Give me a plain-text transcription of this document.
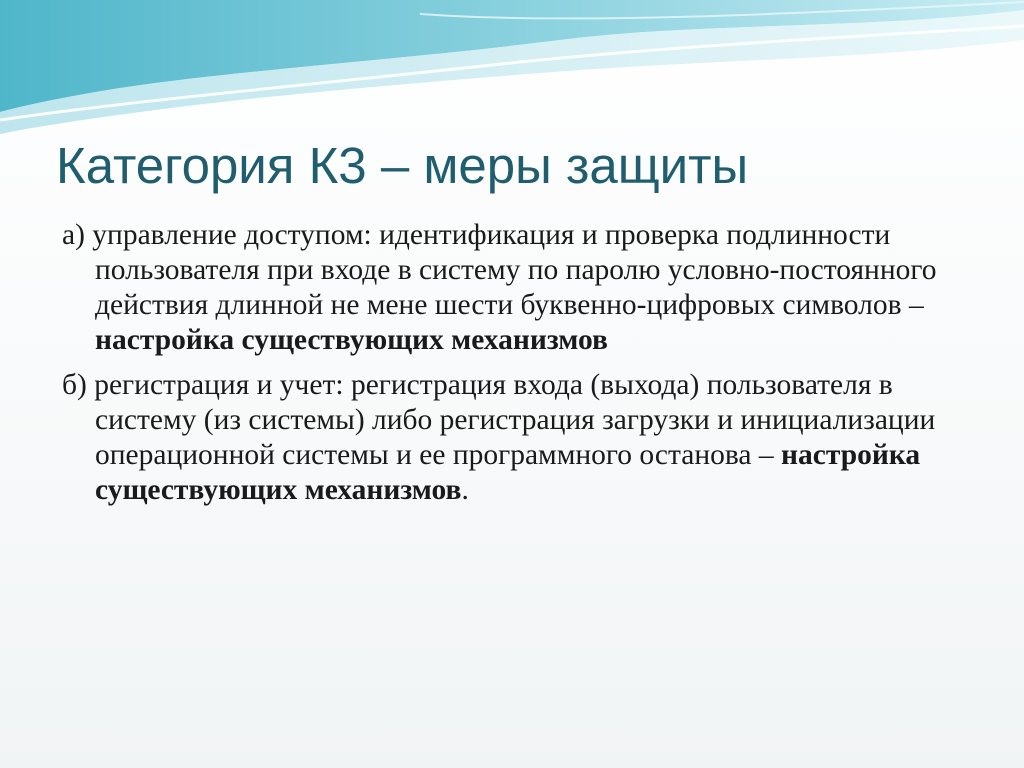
Категория К3 – меры защиты

а) управление доступом: идентификация и проверка подлинности пользователя при входе в систему по паролю условно-постоянного действия длинной не мене шести буквенно-цифровых символов – настройка существующих механизмов

б) регистрация и учет: регистрация входа (выхода) пользователя в систему (из системы) либо регистрация загрузки и инициализации операционной системы и ее программного останова – настройка существующих механизмов.
